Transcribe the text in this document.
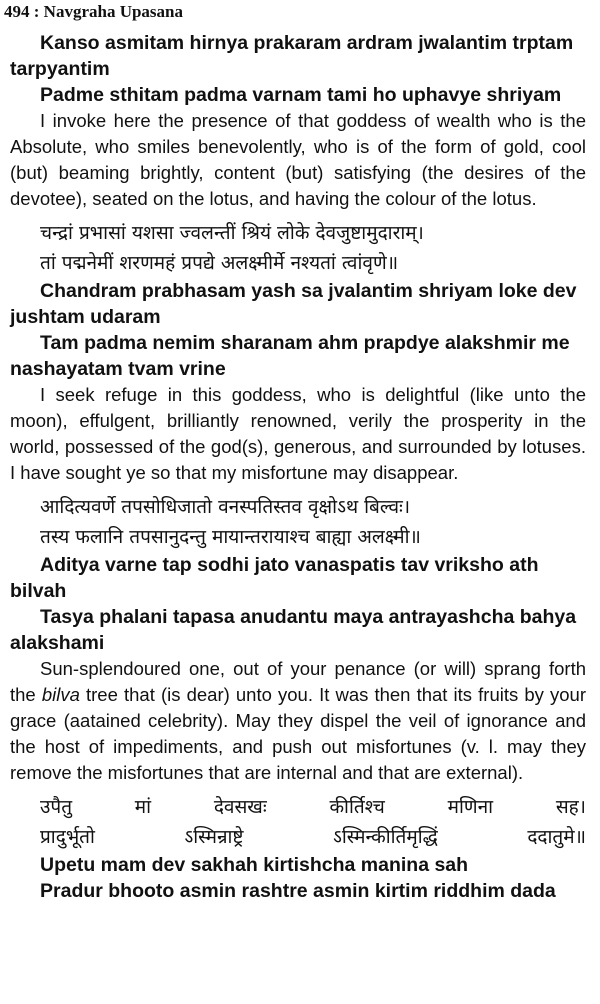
494 : Navgraha Upasana

Kanso asmitam hirnya prakaram ardram jwalantim trptam tarpyantim

Padme sthitam padma varnam tami ho uphavye shriyam

I invoke here the presence of that goddess of wealth who is the Absolute, who smiles benevolently, who is of the form of gold, cool (but) beaming brightly, content (but) satisfying (the desires of the devotee), seated on the lotus, and having the colour of the lotus.

चन्द्रां प्रभासां यशसा ज्वलन्तीं श्रियं लोके देवजुष्टामुदाराम्।

तां पद्मनेमीं शरणमहं प्रपद्ये अलक्ष्मीर्मे नश्यतां त्वांवृणे॥

Chandram prabhasam yash sa jvalantim shriyam loke dev jushtam udaram

Tam padma nemim sharanam ahm prapdye alakshmir me nashayatam tvam vrine

I seek refuge in this goddess, who is delightful (like unto the moon), effulgent, brilliantly renowned, verily the prosperity in the world, possessed of the god(s), generous, and surrounded by lotuses. I have sought ye so that my misfortune may disappear.

आदित्यवर्णे तपसोधिजातो वनस्पतिस्तव वृक्षोऽथ बिल्वः।

तस्य फलानि तपसानुदन्तु मायान्तरायाश्च बाह्या अलक्ष्मी॥

Aditya varne tap sodhi jato vanaspatis tav vriksho ath bilvah

Tasya phalani tapasa anudantu maya antrayashcha bahya alakshami

Sun-splendoured one, out of your penance (or will) sprang forth the bilva tree that (is dear) unto you. It was then that its fruits by your grace (aatained celebrity). May they dispel the veil of ignorance and the host of impediments, and push out misfortunes (v. l. may they remove the misfortunes that are internal and that are external).

उपैतु	मां	देवसखः	कीर्तिश्च	मणिना	सह।

प्रादुर्भूतो	ऽस्मिन्राष्ट्रे	ऽस्मिन्कीर्तिमृद्धिं	ददातुमे॥

Upetu mam dev sakhah kirtishcha manina sah

Pradur bhooto asmin rashtre asmin kirtim riddhim dada
